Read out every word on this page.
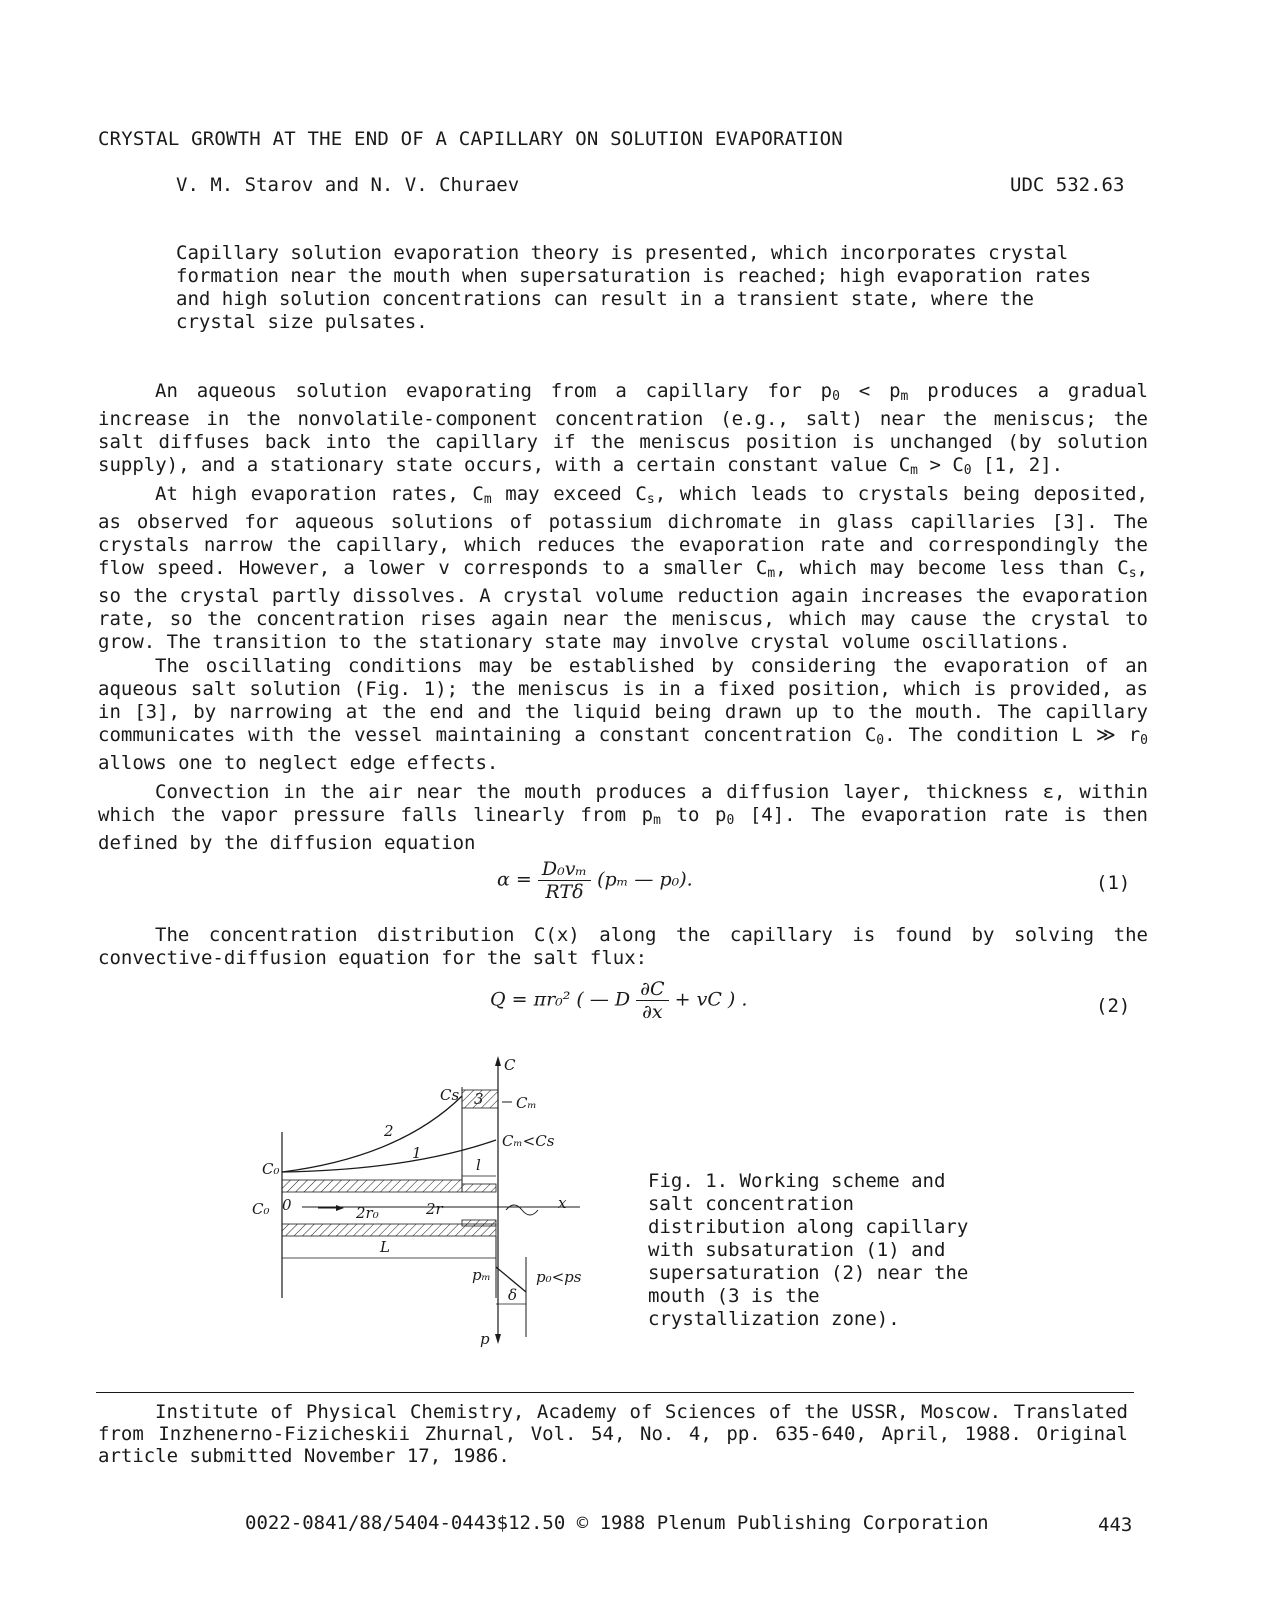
CRYSTAL GROWTH AT THE END OF A CAPILLARY ON SOLUTION EVAPORATION
V. M. Starov and N. V. Churaev	UDC 532.63
Capillary solution evaporation theory is presented, which incorporates crystal
formation near the mouth when supersaturation is reached; high evaporation rates
and high solution concentrations can result in a transient state, where the
crystal size pulsates.
An aqueous solution evaporating from a capillary for $p_0 < p_m$ produces a gradual increase in the nonvolatile-component concentration (e.g., salt) near the meniscus; the salt diffuses back into the capillary if the meniscus position is unchanged (by solution supply), and a stationary state occurs, with a certain constant value $C_m > C_0$ [1, 2].
At high evaporation rates, $C_m$ may exceed $C_s$, which leads to crystals being deposited, as observed for aqueous solutions of potassium dichromate in glass capillaries [3]. The crystals narrow the capillary, which reduces the evaporation rate and correspondingly the flow speed. However, a lower v corresponds to a smaller $C_m$, which may become less than $C_s$, so the crystal partly dissolves. A crystal volume reduction again increases the evaporation rate, so the concentration rises again near the meniscus, which may cause the crystal to grow. The transition to the stationary state may involve crystal volume oscillations.
The oscillating conditions may be established by considering the evaporation of an aqueous salt solution (Fig. 1); the meniscus is in a fixed position, which is provided, as in [3], by narrowing at the end and the liquid being drawn up to the mouth. The capillary communicates with the vessel maintaining a constant concentration $C_0$. The condition L ≫ $r_0$ allows one to neglect edge effects.
Convection in the air near the mouth produces a diffusion layer, thickness ε, within which the vapor pressure falls linearly from $p_m$ to $p_0$ [4]. The evaporation rate is then defined by the diffusion equation
$\alpha = \frac{\text{D₀vₘ}}{\text{RTδ}} (p_m$ — p₀).	(1)
The concentration distribution C(x) along the capillary is found by solving the convective-diffusion equation for the salt flux:
Q = πr₀² ( — D $\frac{\partial C}{\partial x}$ + vC ) .	(2)
C
Cs 3 Cₘ
2
1
Cₘ<Cs
C₀	l
C₀ 0	2r₀	2r	x
L
pₘ	p₀<ps
δ
p
Fig. 1. Working scheme and salt concentration distribution along capillary with subsaturation (1) and supersaturation (2) near the mouth (3 is the crystallization zone).
Institute of Physical Chemistry, Academy of Sciences of the USSR, Moscow. Translated from Inzhenerno-Fizicheskii Zhurnal, Vol. 54, No. 4, pp. 635-640, April, 1988. Original article submitted November 17, 1986.
0022-0841/88/5404-0443$12.50 © 1988 Plenum Publishing Corporation	443
